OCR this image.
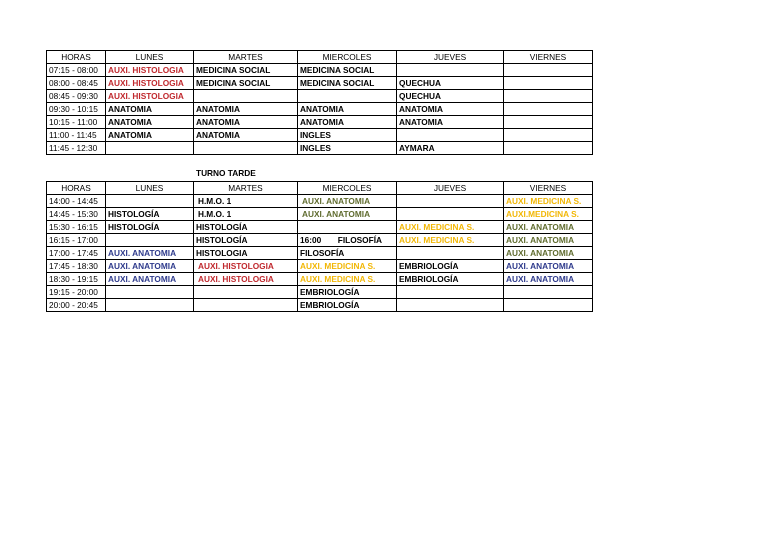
HORAS	LUNES	MARTES	MIERCOLES	JUEVES	VIERNES
07:15 - 08:00	AUXI. HISTOLOGIA	MEDICINA SOCIAL	MEDICINA SOCIAL		
08:00 - 08:45	AUXI. HISTOLOGIA	MEDICINA SOCIAL	MEDICINA SOCIAL	QUECHUA	
08:45 - 09:30	AUXI. HISTOLOGIA			QUECHUA	
09:30 - 10:15	ANATOMIA	ANATOMIA	ANATOMIA	ANATOMIA	
10:15 - 11:00	ANATOMIA	ANATOMIA	ANATOMIA	ANATOMIA	
11:00 - 11:45	ANATOMIA	ANATOMIA	INGLES		
11:45 - 12:30			INGLES	AYMARA	
TURNO TARDE
HORAS	LUNES	MARTES	MIERCOLES	JUEVES	VIERNES
14:00 - 14:45		H.M.O. 1	AUXI. ANATOMIA		AUXI. MEDICINA S.
14:45 - 15:30	HISTOLOGÍA	H.M.O. 1	AUXI. ANATOMIA		AUXI.MEDICINA S.
15:30 - 16:15	HISTOLOGÍA	HISTOLOGÍA		AUXI. MEDICINA S.	AUXI. ANATOMIA
16:15 - 17:00		HISTOLOGÍA	16:00 FILOSOFÍA	AUXI. MEDICINA S.	AUXI. ANATOMIA
17:00 - 17:45	AUXI. ANATOMIA	HISTOLOGIA	FILOSOFÍA		AUXI. ANATOMIA
17:45 - 18:30	AUXI. ANATOMIA	AUXI. HISTOLOGIA	AUXI. MEDICINA S.	EMBRIOLOGÍA	AUXI. ANATOMIA
18:30 - 19:15	AUXI. ANATOMIA	AUXI. HISTOLOGIA	AUXI. MEDICINA S.	EMBRIOLOGÍA	AUXI. ANATOMIA
19:15 - 20:00			EMBRIOLOGÍA		
20:00 - 20:45			EMBRIOLOGÍA		
